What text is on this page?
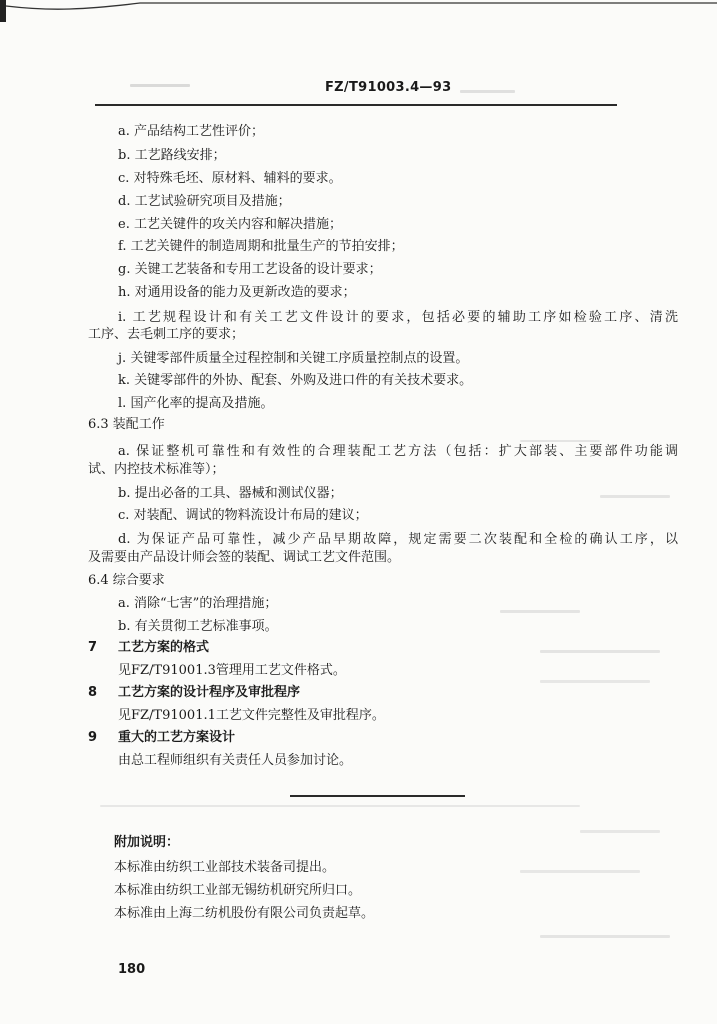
FZ/T91003.4—93
a. 产品结构工艺性评价；
b. 工艺路线安排；
c. 对特殊毛坯、原材料、辅料的要求。
d. 工艺试验研究项目及措施；
e. 工艺关键件的攻关内容和解决措施；
f. 工艺关键件的制造周期和批量生产的节拍安排；
g. 关键工艺装备和专用工艺设备的设计要求；
h. 对通用设备的能力及更新改造的要求；
i. 工艺规程设计和有关工艺文件设计的要求，包括必要的辅助工序如检验工序、清洗
工序、去毛刺工序的要求；
j. 关键零部件质量全过程控制和关键工序质量控制点的设置。
k. 关键零部件的外协、配套、外购及进口件的有关技术要求。
l. 国产化率的提高及措施。
6.3 装配工作
a. 保证整机可靠性和有效性的合理装配工艺方法（包括：扩大部装、主要部件功能调
试、内控技术标准等）；
b. 提出必备的工具、器械和测试仪器；
c. 对装配、调试的物料流设计布局的建议；
d. 为保证产品可靠性，减少产品早期故障，规定需要二次装配和全检的确认工序，以
及需要由产品设计师会签的装配、调试工艺文件范围。
6.4 综合要求
a. 消除“七害”的治理措施；
b. 有关贯彻工艺标准事项。
7 工艺方案的格式
见FZ/T91001.3管理用工艺文件格式。
8 工艺方案的设计程序及审批程序
见FZ/T91001.1工艺文件完整性及审批程序。
9 重大的工艺方案设计
由总工程师组织有关责任人员参加讨论。
附加说明：
本标准由纺织工业部技术装备司提出。
本标准由纺织工业部无锡纺机研究所归口。
本标准由上海二纺机股份有限公司负责起草。
180
